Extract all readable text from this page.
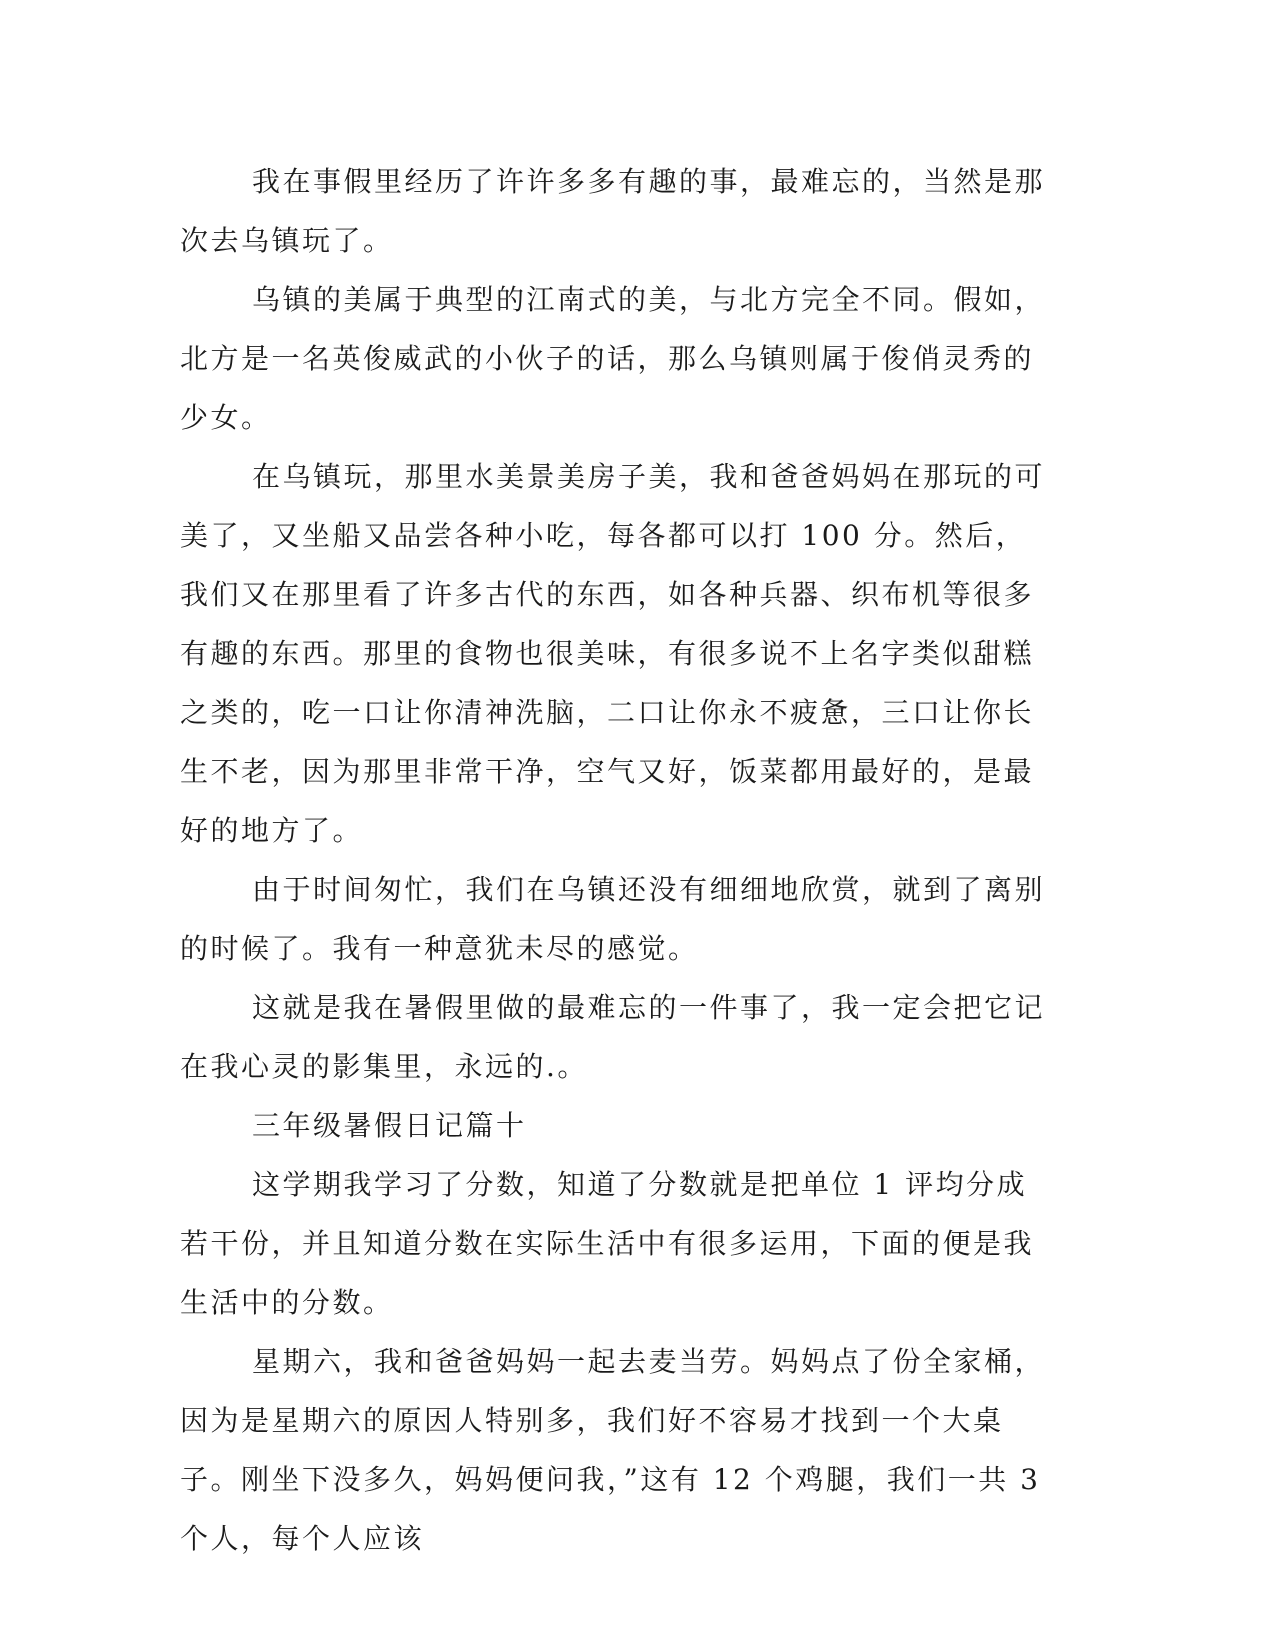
我在事假里经历了许许多多有趣的事，最难忘的，当然是那次去乌镇玩了。

乌镇的美属于典型的江南式的美，与北方完全不同。假如，北方是一名英俊威武的小伙子的话，那么乌镇则属于俊俏灵秀的少女。

在乌镇玩，那里水美景美房子美，我和爸爸妈妈在那玩的可美了，又坐船又品尝各种小吃，每各都可以打 100 分。然后，我们又在那里看了许多古代的东西，如各种兵器、织布机等很多有趣的东西。那里的食物也很美味，有很多说不上名字类似甜糕之类的，吃一口让你清神洗脑，二口让你永不疲惫，三口让你长生不老，因为那里非常干净，空气又好，饭菜都用最好的，是最好的地方了。

由于时间匆忙，我们在乌镇还没有细细地欣赏，就到了离别的时候了。我有一种意犹未尽的感觉。

这就是我在暑假里做的最难忘的一件事了，我一定会把它记在我心灵的影集里，永远的.。

三年级暑假日记篇十

这学期我学习了分数，知道了分数就是把单位 1 评均分成若干份，并且知道分数在实际生活中有很多运用，下面的便是我生活中的分数。

星期六，我和爸爸妈妈一起去麦当劳。妈妈点了份全家桶，因为是星期六的原因人特别多，我们好不容易才找到一个大桌子。刚坐下没多久，妈妈便问我，”这有 12 个鸡腿，我们一共 3 个人，每个人应该
